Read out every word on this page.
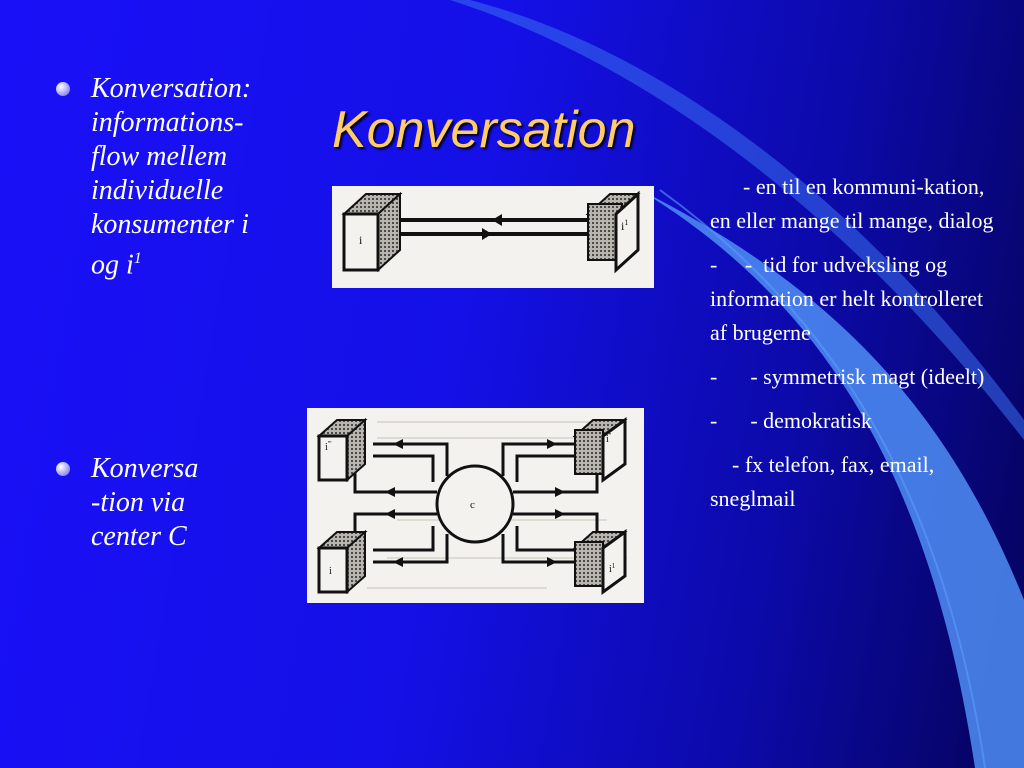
Konversation
Konversation:
informations-
flow mellem
individuelle
konsumenter i
og $i^1$
Konversa
-tion via
center C
i
$i^1$
c
i'''	i''
i	$i^1$

- en til en kommuni-kation, en eller mange til mange, dialog

-     -  tid for udveksling og information er helt kontrolleret af brugerne

-      - symmetrisk magt (ideelt)

-      - demokratisk

- fx telefon, fax, email, sneglmail
